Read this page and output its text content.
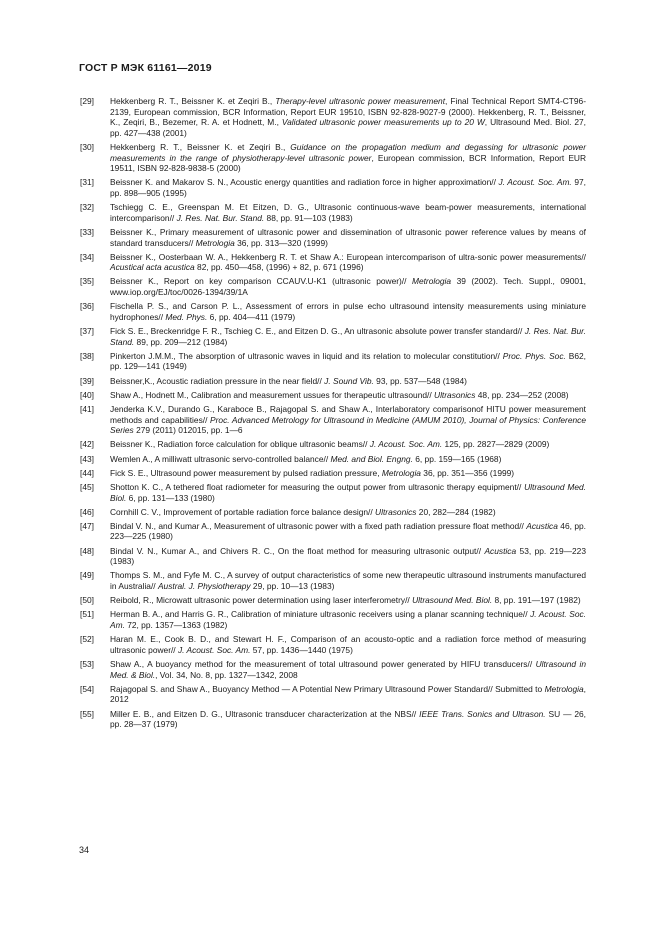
ГОСТ Р МЭК 61161—2019
[29]	Hekkenberg R. T., Beissner K. et Zeqiri B., Therapy-level ultrasonic power measurement, Final Technical Report SMT4-CT96-2139, European commission, BCR Information, Report EUR 19510, ISBN 92-828-9027-9 (2000). Hekkenberg, R. T., Beissner, K., Zeqiri, B., Bezemer, R. A. et Hodnett, M., Validated ultrasonic power measurements up to 20 W, Ultrasound Med. Biol. 27, pp. 427—438 (2001)
[30]	Hekkenberg R. T., Beissner K. et Zeqiri B., Guidance on the propagation medium and degassing for ultrasonic power measurements in the range of physiotherapy-level ultrasonic power, European commission, BCR Information, Report EUR 19511, ISBN 92-828-9838-5 (2000)
[31]	Beissner K. and Makarov S. N., Acoustic energy quantities and radiation force in higher approximation// J. Acoust. Soc. Am. 97, pp. 898—905 (1995)
[32]	Tschiegg C. E., Greenspan M. Et Eitzen, D. G., Ultrasonic continuous-wave beam-power measurements, international intercomparison// J. Res. Nat. Bur. Stand. 88, pp. 91—103 (1983)
[33]	Beissner K., Primary measurement of ultrasonic power and dissemination of ultrasonic power reference values by means of standard transducers// Metrologia 36, pp. 313—320 (1999)
[34]	Beissner K., Oosterbaan W. A., Hekkenberg R. T. et Shaw A.: European intercomparison of ultra-sonic power measurements// Acustical acta acustica 82, pp. 450—458, (1996) + 82, p. 671 (1996)
[35]	Beissner K., Report on key comparison CCAUV.U-K1 (ultrasonic power)// Metrologia 39 (2002). Tech. Suppl., 09001, www.iop.org/EJ/toc/0026-1394/39/1A
[36]	Fischella P. S., and Carson P. L., Assessment of errors in pulse echo ultrasound intensity measurements using miniature hydrophones// Med. Phys. 6, pp. 404—411 (1979)
[37]	Fick S. E., Breckenridge F. R., Tschieg C. E., and Eitzen D. G., An ultrasonic absolute power transfer standard// J. Res. Nat. Bur. Stand. 89, pp. 209—212 (1984)
[38]	Pinkerton J.M.M., The absorption of ultrasonic waves in liquid and its relation to molecular constitution// Proc. Phys. Soc. B62, pp. 129—141 (1949)
[39]	Beissner,K., Acoustic radiation pressure in the near field// J. Sound Vib. 93, pp. 537—548 (1984)
[40]	Shaw A., Hodnett M., Calibration and measurement ussues for therapeutic ultrasound// Ultrasonics 48, pp. 234—252 (2008)
[41]	Jenderka K.V., Durando G., Karaboce B., Rajagopal S. and Shaw A., Interlaboratory comparisonof HITU power measurement methods and capabilities// Proc. Advanced Metrology for Ultrasound in Medicine (AMUM 2010), Journal of Physics: Conference Series 279 (2011) 012015, pp. 1—6
[42]	Beissner K., Radiation force calculation for oblique ultrasonic beams// J. Acoust. Soc. Am. 125, pp. 2827—2829 (2009)
[43]	Wemlen A., A milliwatt ultrasonic servo-controlled balance// Med. and Biol. Engng. 6, pp. 159—165 (1968)
[44]	Fick S. E., Ultrasound power measurement by pulsed radiation pressure, Metrologia 36, pp. 351—356 (1999)
[45]	Shotton K. C., A tethered float radiometer for measuring the output power from ultrasonic therapy equipment// Ultrasound Med. Biol. 6, pp. 131—133 (1980)
[46]	Cornhill C. V., Improvement of portable radiation force balance design// Ultrasonics 20, 282—284 (1982)
[47]	Bindal V. N., and Kumar A., Measurement of ultrasonic power with a fixed path radiation pressure float method// Acustica 46, pp. 223—225 (1980)
[48]	Bindal V. N., Kumar A., and Chivers R. C., On the float method for measuring ultrasonic output// Acustica 53, pp. 219—223 (1983)
[49]	Thomps S. M., and Fyfe M. C., A survey of output characteristics of some new therapeutic ultrasound instruments manufactured in Australia// Austral. J. Physiotherapy 29, pp. 10—13 (1983)
[50]	Reibold, R., Microwatt ultrasonic power determination using laser interferometry// Ultrasound Med. Biol. 8, pp. 191—197 (1982)
[51]	Herman B. A., and Harris G. R., Calibration of miniature ultrasonic receivers using a planar scanning technique// J. Acoust. Soc. Am. 72, pp. 1357—1363 (1982)
[52]	Haran M. E., Cook B. D., and Stewart H. F., Comparison of an acousto-optic and a radiation force method of measuring ultrasonic power// J. Acoust. Soc. Am. 57, pp. 1436—1440 (1975)
[53]	Shaw A., A buoyancy method for the measurement of total ultrasound power generated by HIFU transducers// Ultrasound in Med. & Biol., Vol. 34, No. 8, pp. 1327—1342, 2008
[54]	Rajagopal S. and Shaw A., Buoyancy Method — A Potential New Primary Ultrasound Power Standard// Submitted to Metrologia, 2012
[55]	Miller E. B., and Eitzen D. G., Ultrasonic transducer characterization at the NBS// IEEE Trans. Sonics and Ultrason. SU — 26, pp. 28—37 (1979)
34
